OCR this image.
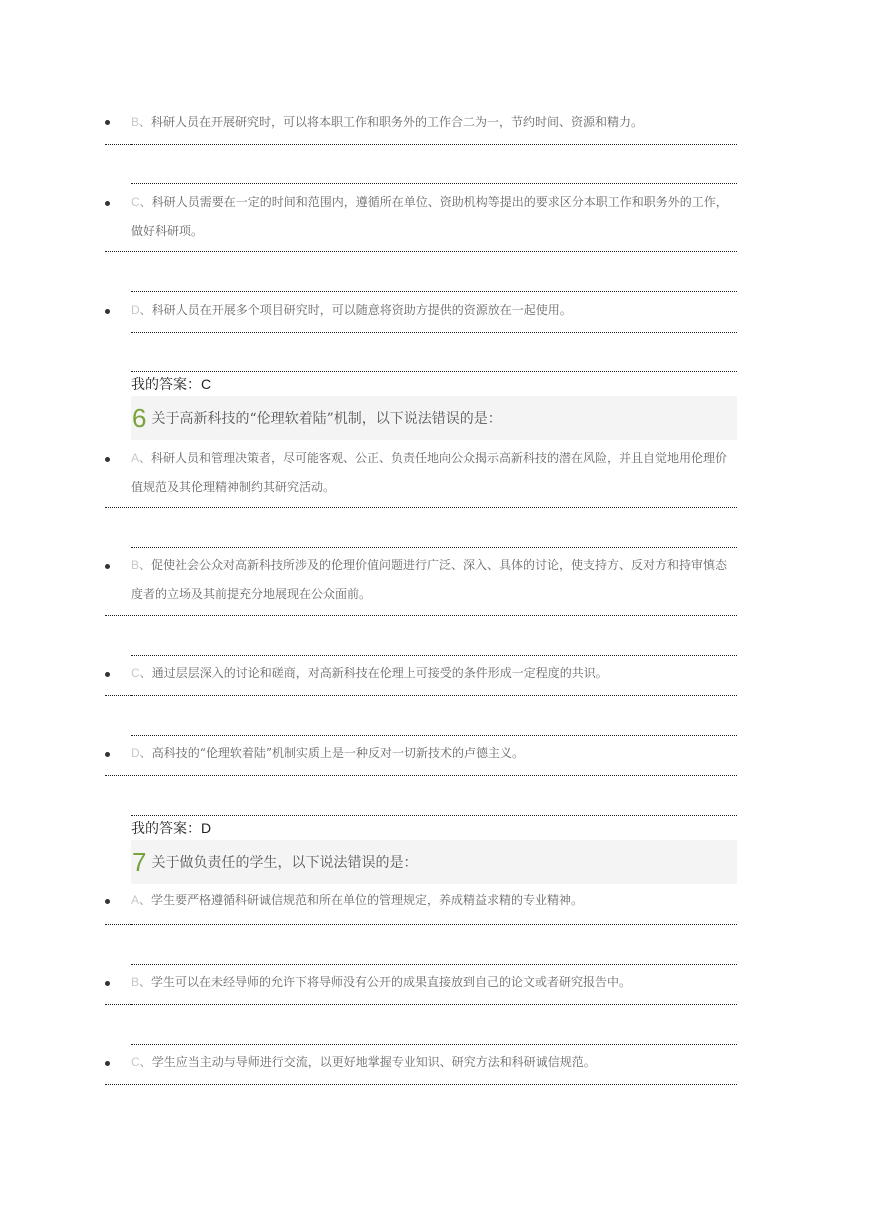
B、科研人员在开展研究时，可以将本职工作和职务外的工作合二为一，节约时间、资源和精力。

C、科研人员需要在一定的时间和范围内，遵循所在单位、资助机构等提出的要求区分本职工作和职务外的工作，做好科研项。

D、科研人员在开展多个项目研究时，可以随意将资助方提供的资源放在一起使用。

我的答案：C
6 关于高新科技的“伦理软着陆”机制，以下说法错误的是：

A、科研人员和管理决策者，尽可能客观、公正、负责任地向公众揭示高新科技的潜在风险，并且自觉地用伦理价值规范及其伦理精神制约其研究活动。

B、促使社会公众对高新科技所涉及的伦理价值问题进行广泛、深入、具体的讨论，使支持方、反对方和持审慎态度者的立场及其前提充分地展现在公众面前。

C、通过层层深入的讨论和磋商，对高新科技在伦理上可接受的条件形成一定程度的共识。

D、高科技的“伦理软着陆”机制实质上是一种反对一切新技术的卢德主义。

我的答案：D
7 关于做负责任的学生，以下说法错误的是：

A、学生要严格遵循科研诚信规范和所在单位的管理规定，养成精益求精的专业精神。

B、学生可以在未经导师的允许下将导师没有公开的成果直接放到自己的论文或者研究报告中。

C、学生应当主动与导师进行交流，以更好地掌握专业知识、研究方法和科研诚信规范。
